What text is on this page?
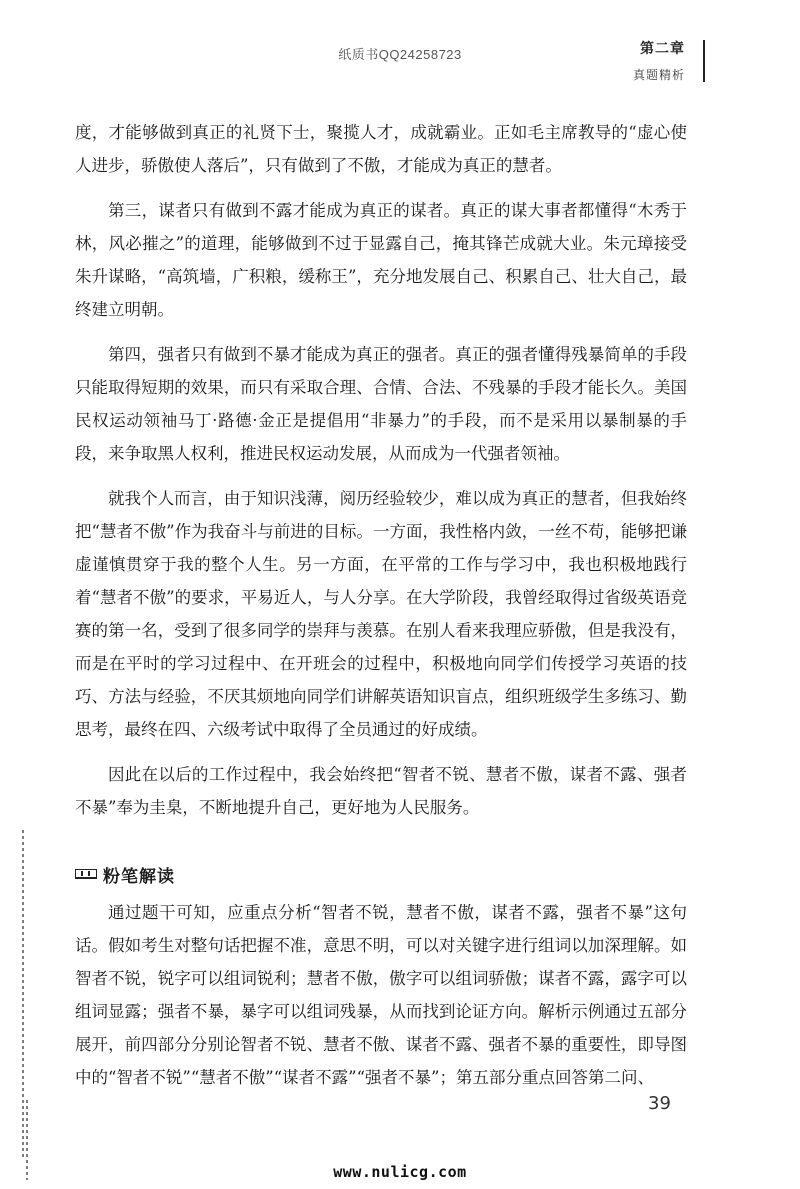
纸质书QQ24258723	第二章
真题精析

度，才能够做到真正的礼贤下士，聚揽人才，成就霸业。正如毛主席教导的“虚心使人进步，骄傲使人落后”，只有做到了不傲，才能成为真正的慧者。

第三，谋者只有做到不露才能成为真正的谋者。真正的谋大事者都懂得“木秀于林，风必摧之”的道理，能够做到不过于显露自己，掩其锋芒成就大业。朱元璋接受朱升谋略，“高筑墙，广积粮，缓称王”，充分地发展自己、积累自己、壮大自己，最终建立明朝。

第四，强者只有做到不暴才能成为真正的强者。真正的强者懂得残暴简单的手段只能取得短期的效果，而只有采取合理、合情、合法、不残暴的手段才能长久。美国民权运动领袖马丁·路德·金正是提倡用“非暴力”的手段，而不是采用以暴制暴的手段，来争取黑人权利，推进民权运动发展，从而成为一代强者领袖。

就我个人而言，由于知识浅薄，阅历经验较少，难以成为真正的慧者，但我始终把“慧者不傲”作为我奋斗与前进的目标。一方面，我性格内敛，一丝不苟，能够把谦虚谨慎贯穿于我的整个人生。另一方面，在平常的工作与学习中，我也积极地践行着“慧者不傲”的要求，平易近人，与人分享。在大学阶段，我曾经取得过省级英语竞赛的第一名，受到了很多同学的崇拜与羡慕。在别人看来我理应骄傲，但是我没有，而是在平时的学习过程中、在开班会的过程中，积极地向同学们传授学习英语的技巧、方法与经验，不厌其烦地向同学们讲解英语知识盲点，组织班级学生多练习、勤思考，最终在四、六级考试中取得了全员通过的好成绩。

因此在以后的工作过程中，我会始终把“智者不锐、慧者不傲，谋者不露、强者不暴”奉为圭臬，不断地提升自己，更好地为人民服务。

粉笔解读

通过题干可知，应重点分析“智者不锐，慧者不傲，谋者不露，强者不暴”这句话。假如考生对整句话把握不准，意思不明，可以对关键字进行组词以加深理解。如智者不锐，锐字可以组词锐利；慧者不傲，傲字可以组词骄傲；谋者不露，露字可以组词显露；强者不暴，暴字可以组词残暴，从而找到论证方向。解析示例通过五部分展开，前四部分分别论智者不锐、慧者不傲、谋者不露、强者不暴的重要性，即导图中的“智者不锐”“慧者不傲”“谋者不露”“强者不暴”；第五部分重点回答第二问、

39
www.nulicg.com
